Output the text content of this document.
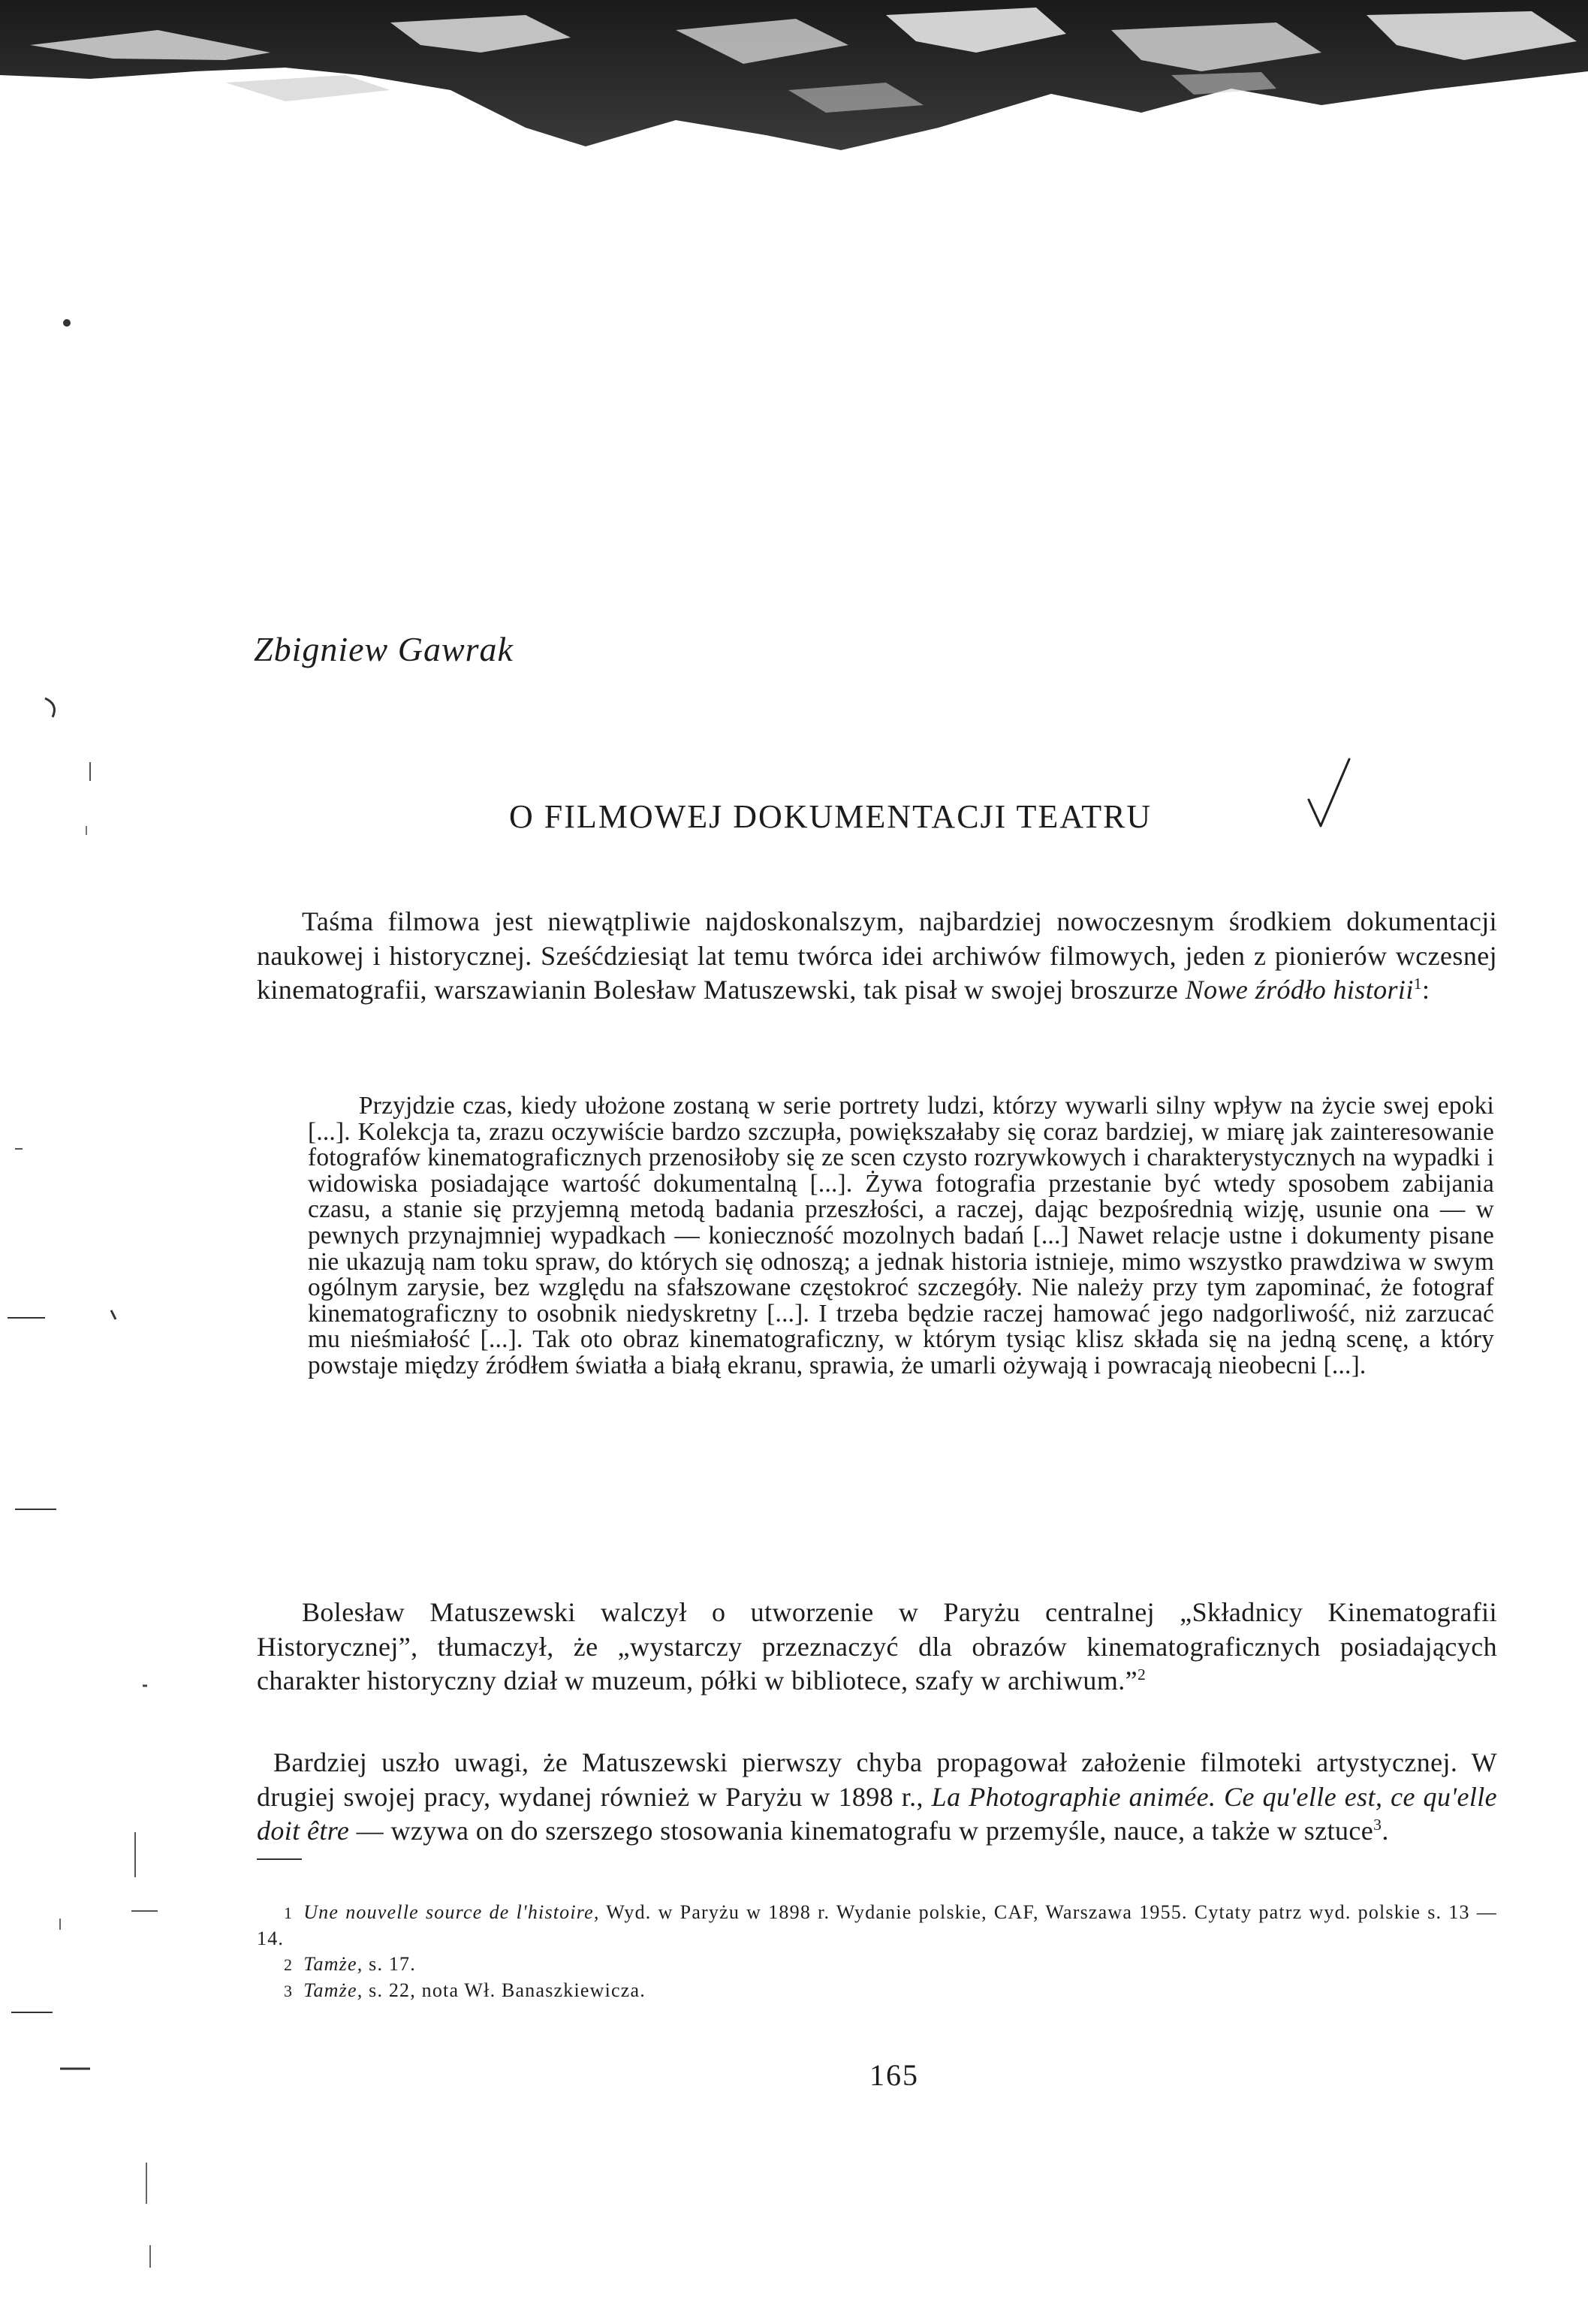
Zbigniew Gawrak
O FILMOWEJ DOKUMENTACJI TEATRU

Taśma filmowa jest niewątpliwie najdoskonalszym, najbardziej nowoczesnym środkiem dokumentacji naukowej i historycznej. Sześćdziesiąt lat temu twórca idei archiwów filmowych, jeden z pionierów wczesnej kinematografii, warszawianin Bolesław Matuszewski, tak pisał w swojej broszurze Nowe źródło historii$^1$:

Przyjdzie czas, kiedy ułożone zostaną w serie portrety ludzi, którzy wywarli silny wpływ na życie swej epoki [...]. Kolekcja ta, zrazu oczywiście bardzo szczupła, powiększałaby się coraz bardziej, w miarę jak zainteresowanie fotografów kinematograficznych przenosiłoby się ze scen czysto rozrywkowych i charakterystycznych na wypadki i widowiska posiadające wartość dokumentalną [...]. Żywa fotografia przestanie być wtedy sposobem zabijania czasu, a stanie się przyjemną metodą badania przeszłości, a raczej, dając bezpośrednią wizję, usunie ona — w pewnych przynajmniej wypadkach — konieczność mozolnych badań [...] Nawet relacje ustne i dokumenty pisane nie ukazują nam toku spraw, do których się odnoszą; a jednak historia istnieje, mimo wszystko prawdziwa w swym ogólnym zarysie, bez względu na sfałszowane częstokroć szczegóły. Nie należy przy tym zapominać, że fotograf kinematograficzny to osobnik niedyskretny [...]. I trzeba będzie raczej hamować jego nadgorliwość, niż zarzucać mu nieśmiałość [...]. Tak oto obraz kinematograficzny, w którym tysiąc klisz składa się na jedną scenę, a który powstaje między źródłem światła a białą ekranu, sprawia, że umarli ożywają i powracają nieobecni [...].

Bolesław Matuszewski walczył o utworzenie w Paryżu centralnej „Składnicy Kinematografii Historycznej”, tłumaczył, że „wystarczy przeznaczyć dla obrazów kinematograficznych posiadających charakter historyczny dział w muzeum, półki w bibliotece, szafy w archiwum.”$^2$

Bardziej uszło uwagi, że Matuszewski pierwszy chyba propagował założenie filmoteki artystycznej. W drugiej swojej pracy, wydanej również w Paryżu w 1898 r., La Photographie animée. Ce qu'elle est, ce qu'elle doit être — wzywa on do szerszego stosowania kinematografu w przemyśle, nauce, a także w sztuce$^3$.

1 Une nouvelle source de l'histoire, Wyd. w Paryżu w 1898 r. Wydanie polskie, CAF, Warszawa 1955. Cytaty patrz wyd. polskie s. 13 — 14.
2 Tamże, s. 17.
3 Tamże, s. 22, nota Wł. Banaszkiewicza.

165
